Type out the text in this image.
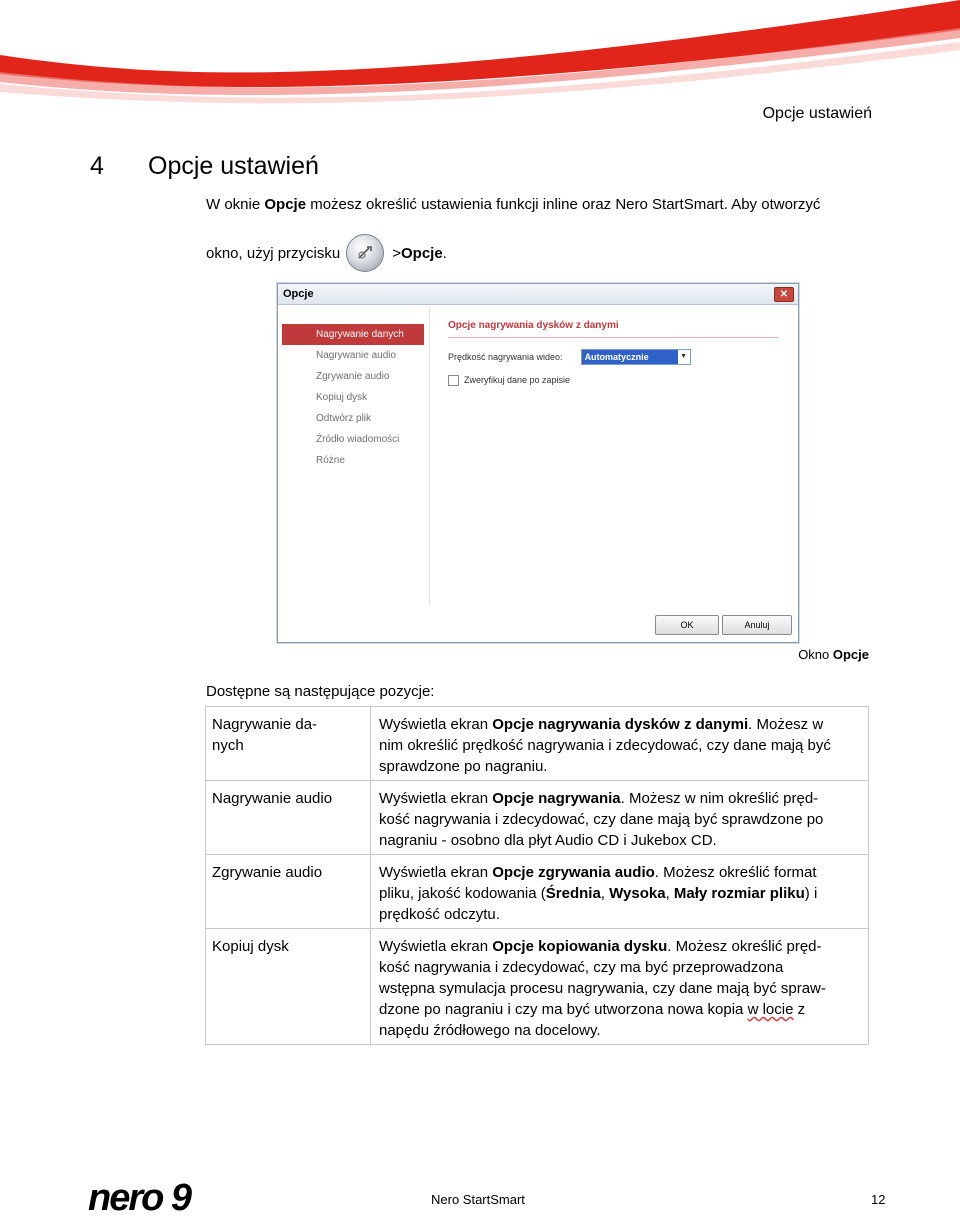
Opcje ustawień
4 Opcje ustawień
W oknie Opcje możesz określić ustawienia funkcji inline oraz Nero StartSmart. Aby otworzyć
okno, użyj przycisku	> Opcje .
Opcje	✕
Nagrywanie danych
Nagrywanie audio
Zgrywanie audio
Kopiuj dysk
Odtwórz plik
Źródło wiadomości
Różne
Opcje nagrywania dysków z danymi
Prędkość nagrywania wideo:	Automatycznie	▼
Zweryfikuj dane po zapisie
OK	Anuluj
Okno Opcje
Dostępne są następujące pozycje:
Nagrywanie da-
nych	Wyświetla ekran Opcje nagrywania dysków z danymi. Możesz w
nim określić prędkość nagrywania i zdecydować, czy dane mają być
sprawdzone po nagraniu.
Nagrywanie audio	Wyświetla ekran Opcje nagrywania. Możesz w nim określić pręd-
kość nagrywania i zdecydować, czy dane mają być sprawdzone po
nagraniu - osobno dla płyt Audio CD i Jukebox CD.
Zgrywanie audio	Wyświetla ekran Opcje zgrywania audio. Możesz określić format
pliku, jakość kodowania (Średnia, Wysoka, Mały rozmiar pliku) i
prędkość odczytu.
Kopiuj dysk	Wyświetla ekran Opcje kopiowania dysku. Możesz określić pręd-
kość nagrywania i zdecydować, czy ma być przeprowadzona
wstępna symulacja procesu nagrywania, czy dane mają być spraw-
dzone po nagraniu i czy ma być utworzona nowa kopia w locie z
napędu źródłowego na docelowy.
nero 9	Nero StartSmart	12
